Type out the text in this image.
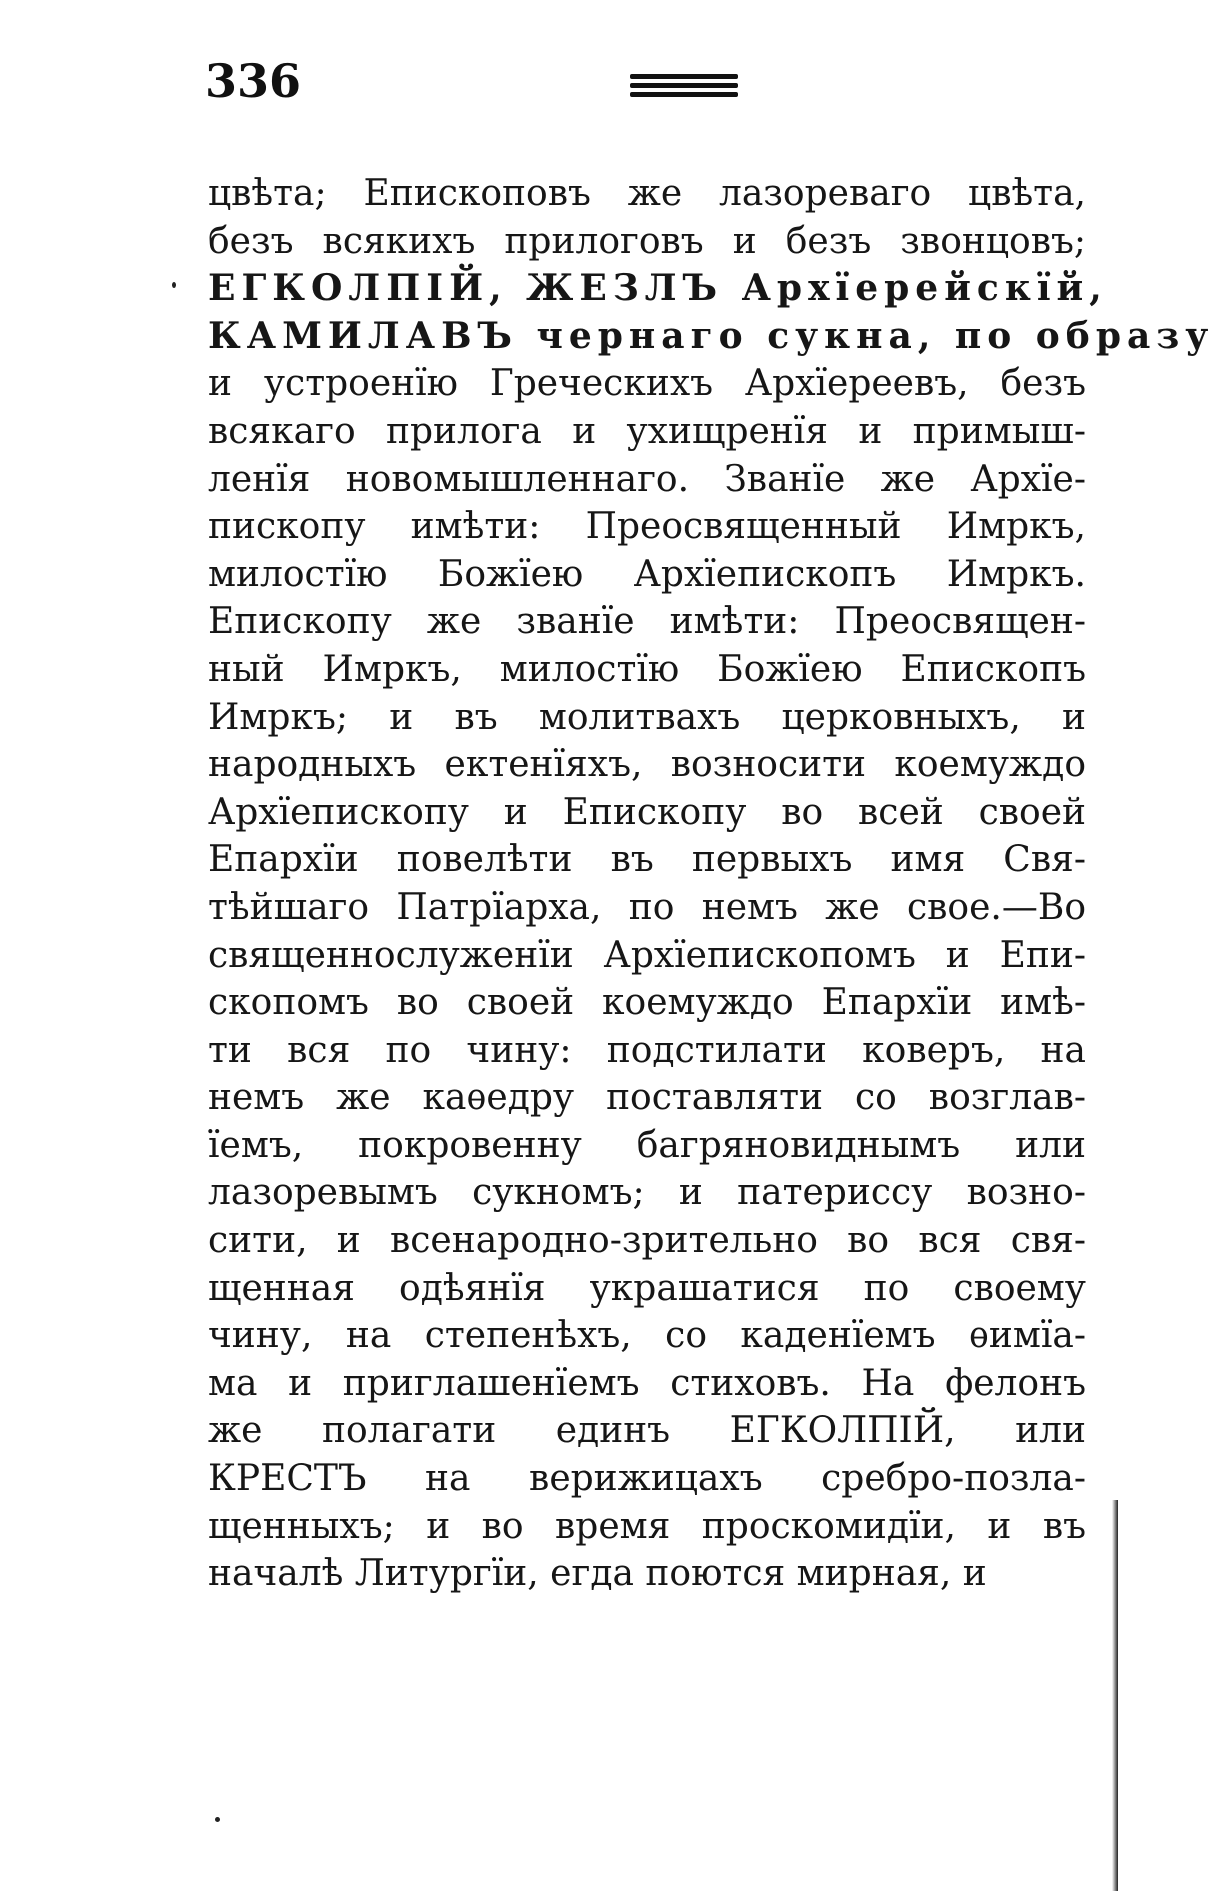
336
цвѣта; Епископовъ же лазореваго цвѣта,
безъ всякихъ прилоговъ и безъ звонцовъ;
ЕГКОЛПІЙ, ЖЕЗЛЪ Архїерейскїй,
КАМИЛАВЪ чернаго сукна, по образу
и устроенїю Греческихъ Архїереевъ, безъ
всякаго прилога и ухищренїя и примыш-
ленїя новомышленнаго. Званїе же Архїе-
пископу имѣти: Преосвященный Имркъ,
милостїю Божїею Архїепископъ Имркъ.
Епископу же званїе имѣти: Преосвящен-
ный Имркъ, милостїю Божїею Епископъ
Имркъ; и въ молитвахъ церковныхъ, и
народныхъ ектенїяхъ, возносити коемуждо
Архїепископу и Епископу во всей своей
Епархїи повелѣти въ первыхъ имя Свя-
тѣйшаго Патрїарха, по немъ же свое.—Во
священнослуженїи Архїепископомъ и Епи-
скопомъ во своей коемуждо Епархїи имѣ-
ти вся по чину: подстилати коверъ, на
немъ же каѳедру поставляти со возглав-
їемъ, покровенну багряновиднымъ или
лазоревымъ сукномъ; и патериссу возно-
сити, и всенародно-зрительно во вся свя-
щенная одѣянїя украшатися по своему
чину, на степенѣхъ, со каденїемъ ѳимїа-
ма и приглашенїемъ стиховъ. На фелонъ
же полагати единъ ЕГКОЛПІЙ, или
КРЕСТЪ на верижицахъ сребро-позла-
щенныхъ; и во время проскомидїи, и въ
началѣ Литургїи, егда поются мирная, и
